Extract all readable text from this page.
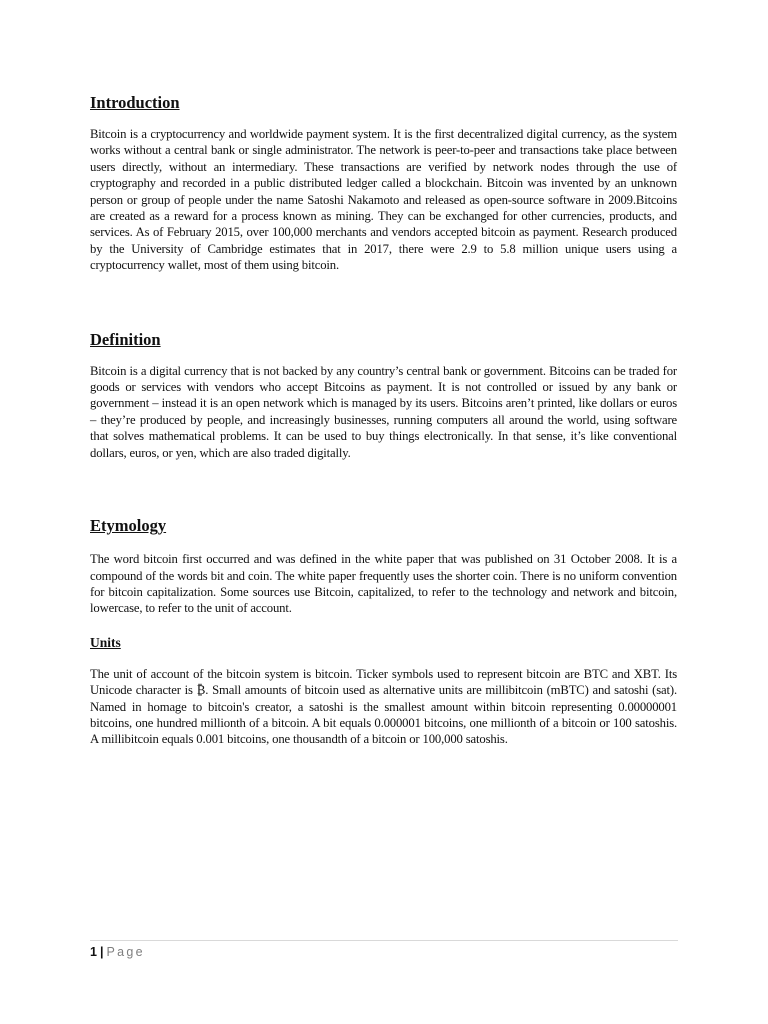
Introduction

Bitcoin is a cryptocurrency and worldwide payment system. It is the first decentralized digital currency, as the system works without a central bank or single administrator. The network is peer-to-peer and transactions take place between users directly, without an intermediary. These transactions are verified by network nodes through the use of cryptography and recorded in a public distributed ledger called a blockchain. Bitcoin was invented by an unknown person or group of people under the name Satoshi Nakamoto and released as open-source software in 2009.Bitcoins are created as a reward for a process known as mining. They can be exchanged for other currencies, products, and services. As of February 2015, over 100,000 merchants and vendors accepted bitcoin as payment. Research produced by the University of Cambridge estimates that in 2017, there were 2.9 to 5.8 million unique users using a cryptocurrency wallet, most of them using bitcoin.

Definition

Bitcoin is a digital currency that is not backed by any country’s central bank or government. Bitcoins can be traded for goods or services with vendors who accept Bitcoins as payment. It is not controlled or issued by any bank or government – instead it is an open network which is managed by its users. Bitcoins aren’t printed, like dollars or euros – they’re produced by people, and increasingly businesses, running computers all around the world, using software that solves mathematical problems. It can be used to buy things electronically. In that sense, it’s like conventional dollars, euros, or yen, which are also traded digitally.

Etymology

The word bitcoin first occurred and was defined in the white paper that was published on 31 October 2008. It is a compound of the words bit and coin. The white paper frequently uses the shorter coin. There is no uniform convention for bitcoin capitalization. Some sources use Bitcoin, capitalized, to refer to the technology and network and bitcoin, lowercase, to refer to the unit of account.

Units

The unit of account of the bitcoin system is bitcoin. Ticker symbols used to represent bitcoin are BTC and XBT. Its Unicode character is ₿. Small amounts of bitcoin used as alternative units are millibitcoin (mBTC) and satoshi (sat). Named in homage to bitcoin's creator, a satoshi is the smallest amount within bitcoin representing 0.00000001 bitcoins, one hundred millionth of a bitcoin. A bit equals 0.000001 bitcoins, one millionth of a bitcoin or 100 satoshis. A millibitcoin equals 0.001 bitcoins, one thousandth of a bitcoin or 100,000 satoshis.

1 | Page
